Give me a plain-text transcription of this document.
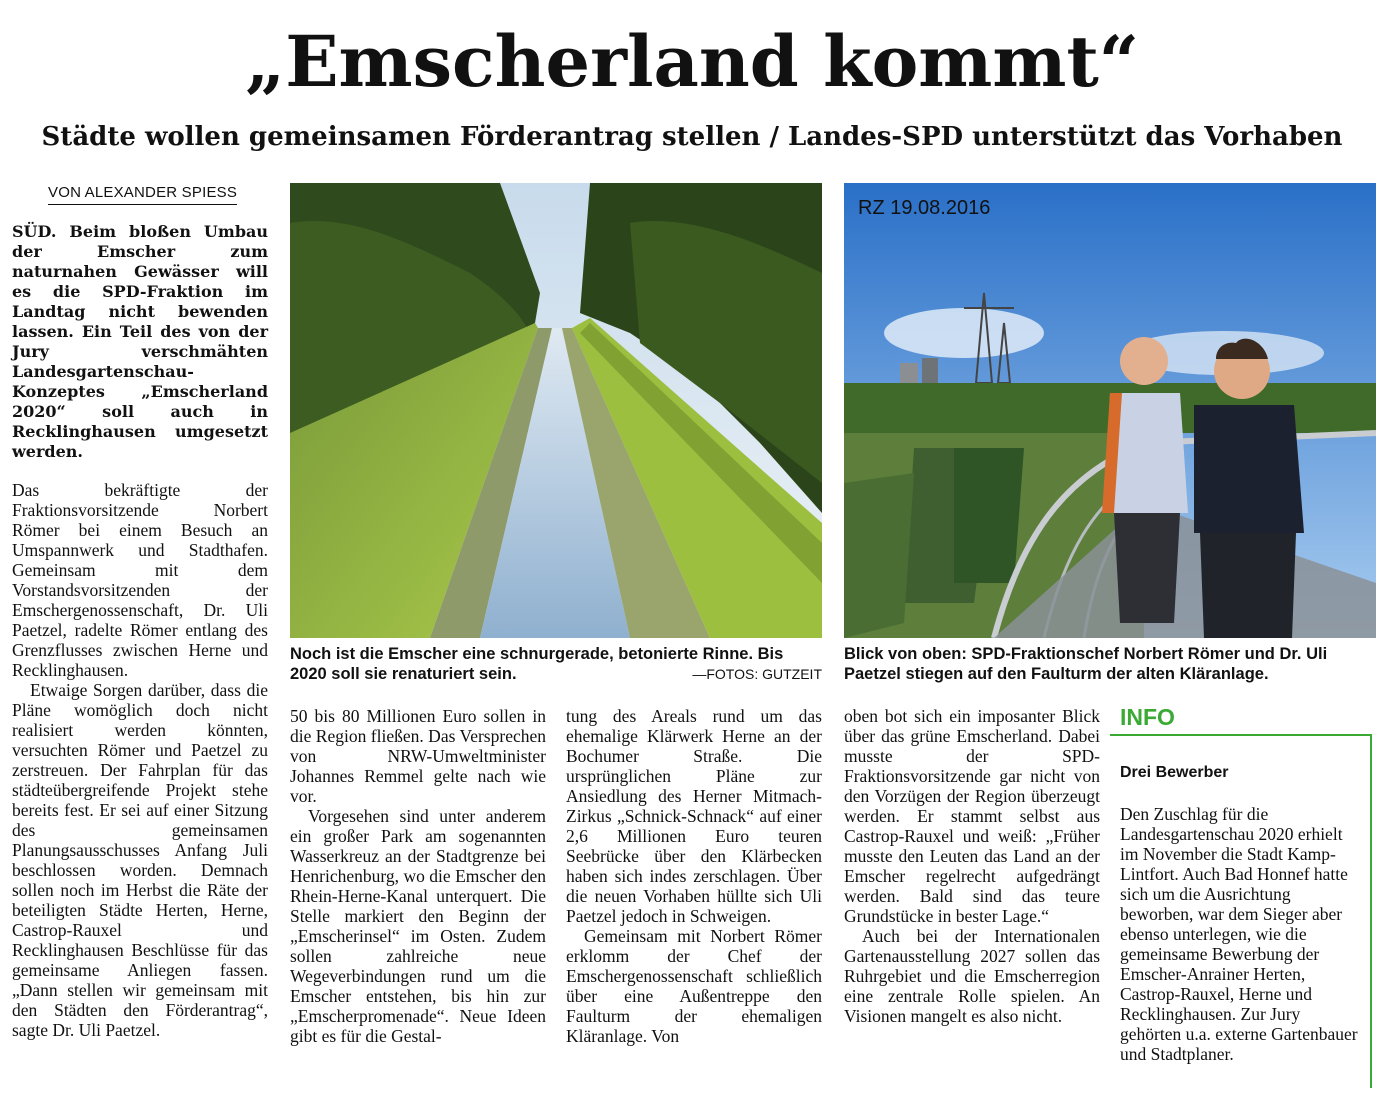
„Emscherland kommt“
Städte wollen gemeinsamen Förderantrag stellen / Landes-SPD unterstützt das Vorhaben
VON ALEXANDER SPIESS

SÜD. Beim bloßen Umbau der Emscher zum naturnahen Gewässer will es die SPD-Fraktion im Landtag nicht bewenden lassen. Ein Teil des von der Jury verschmähten Landesgartenschau-Konzeptes „Emscherland 2020“ soll auch in Recklinghausen umgesetzt werden.

Das bekräftigte der Fraktionsvorsitzende Norbert Römer bei einem Besuch an Umspannwerk und Stadthafen. Gemeinsam mit dem Vorstandsvorsitzenden der Emschergenossenschaft, Dr. Uli Paetzel, radelte Römer entlang des Grenzflusses zwischen Herne und Recklinghausen.

Etwaige Sorgen darüber, dass die Pläne womöglich doch nicht realisiert werden könnten, versuchten Römer und Paetzel zu zerstreuen. Der Fahrplan für das städteübergreifende Projekt stehe bereits fest. Er sei auf einer Sitzung des gemeinsamen Planungsausschusses Anfang Juli beschlossen worden. Demnach sollen noch im Herbst die Räte der beteiligten Städte Herten, Herne, Castrop-Rauxel und Recklinghausen Beschlüsse für das gemeinsame Anliegen fassen. „Dann stellen wir gemeinsam mit den Städten den Förderantrag“, sagte Dr. Uli Paetzel.

RZ 19.08.2016
Noch ist die Emscher eine schnurgerade, betonierte Rinne. Bis 2020 soll sie renaturiert sein.	—FOTOS: GUTZEIT
Blick von oben: SPD-Fraktionschef Norbert Römer und Dr. Uli Paetzel stiegen auf den Faulturm der alten Kläranlage.

50 bis 80 Millionen Euro sollen in die Region fließen. Das Versprechen von NRW-Umweltminister Johannes Remmel gelte nach wie vor.

Vorgesehen sind unter anderem ein großer Park am sogenannten Wasserkreuz an der Stadtgrenze bei Henrichenburg, wo die Emscher den Rhein-Herne-Kanal unterquert. Die Stelle markiert den Beginn der „Emscherinsel“ im Osten. Zudem sollen zahlreiche neue Wegeverbindungen rund um die Emscher entstehen, bis hin zur „Emscherpromenade“. Neue Ideen gibt es für die Gestal-

tung des Areals rund um das ehemalige Klärwerk Herne an der Bochumer Straße. Die ursprünglichen Pläne zur Ansiedlung des Herner Mitmach-Zirkus „Schnick-Schnack“ auf einer 2,6 Millionen Euro teuren Seebrücke über den Klärbecken haben sich indes zerschlagen. Über die neuen Vorhaben hüllte sich Uli Paetzel jedoch in Schweigen.

Gemeinsam mit Norbert Römer erklomm der Chef der Emschergenossenschaft schließlich über eine Außentreppe den Faulturm der ehemaligen Kläranlage. Von

oben bot sich ein imposanter Blick über das grüne Emscherland. Dabei musste der SPD-Fraktionsvorsitzende gar nicht von den Vorzügen der Region überzeugt werden. Er stammt selbst aus Castrop-Rauxel und weiß: „Früher musste den Leuten das Land an der Emscher regelrecht aufgedrängt werden. Bald sind das teure Grundstücke in bester Lage.“

Auch bei der Internationalen Gartenausstellung 2027 sollen das Ruhrgebiet und die Emscherregion eine zentrale Rolle spielen. An Visionen mangelt es also nicht.

INFO
Drei Bewerber
Den Zuschlag für die Landesgartenschau 2020 erhielt im November die Stadt Kamp-Lintfort. Auch Bad Honnef hatte sich um die Ausrichtung beworben, war dem Sieger aber ebenso unterlegen, wie die gemeinsame Bewerbung der Emscher-Anrainer Herten, Castrop-Rauxel, Herne und Recklinghausen. Zur Jury gehörten u.a. externe Gartenbauer und Stadtplaner.
